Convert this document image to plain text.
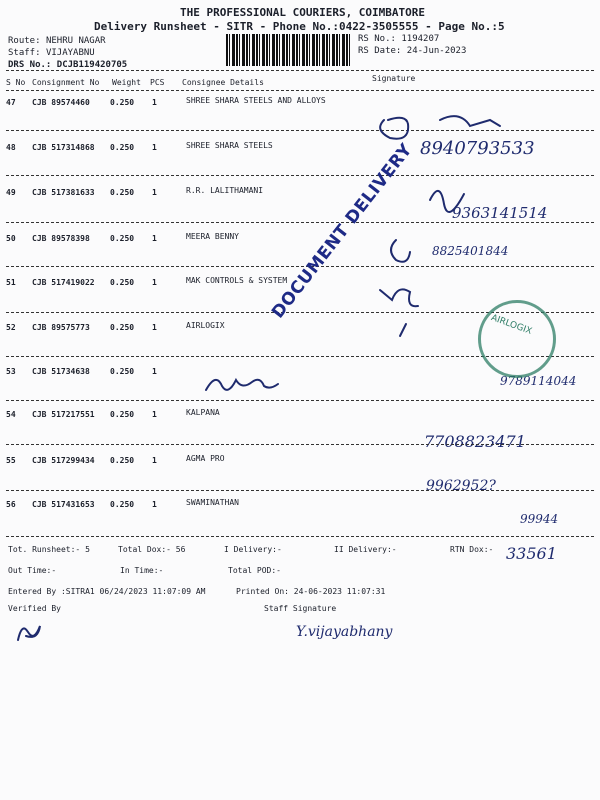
THE PROFESSIONAL COURIERS, COIMBATORE
Delivery Runsheet - SITR - Phone No.:0422-3505555 - Page No.:5
Route: NEHRU NAGAR
Staff: VIJAYABNU
DRS No.: DCJB119420705
RS No.: 1194207
RS Date: 24-Jun-2023
S No Consignment No Weight PCS Consignee Details	Signature
47 CJB 89574460	0.250 1	SHREE SHARA STEELS AND ALLOYS
8940793533
48 CJB 517314868 0.250 1	SHREE SHARA STEELS
49 CJB 517381633 0.250 1	R.R. LALITHAMANI
9363141514
50 CJB 89578398	0.250 1	MEERA BENNY
8825401844
51 CJB 517419022 0.250 1	MAK CONTROLS & SYSTEM
52 CJB 89575773	0.250 1	AIRLOGIX
53 CJB 51734638	0.250 1
9789114044
54 CJB 517217551 0.250 1	KALPANA
7708823471
55 CJB 517299434 0.250 1	AGMA PRO
9962952?
56 CJB 517431653 0.250 1	SWAMINATHAN
99944
DOCUMENT DELIVERY
AIRLOGIX
Tot. Runsheet:- 5	Total Dox:- 56	I Delivery:-	II Delivery:-	RTN Dox:- 33561
Out Time:-	In Time:-	Total POD:-
Entered By :SITRA1 06/24/2023 11:07:09 AM	Printed On: 24-06-2023 11:07:31
Verified By	Staff Signature
Y.vijayabhany
